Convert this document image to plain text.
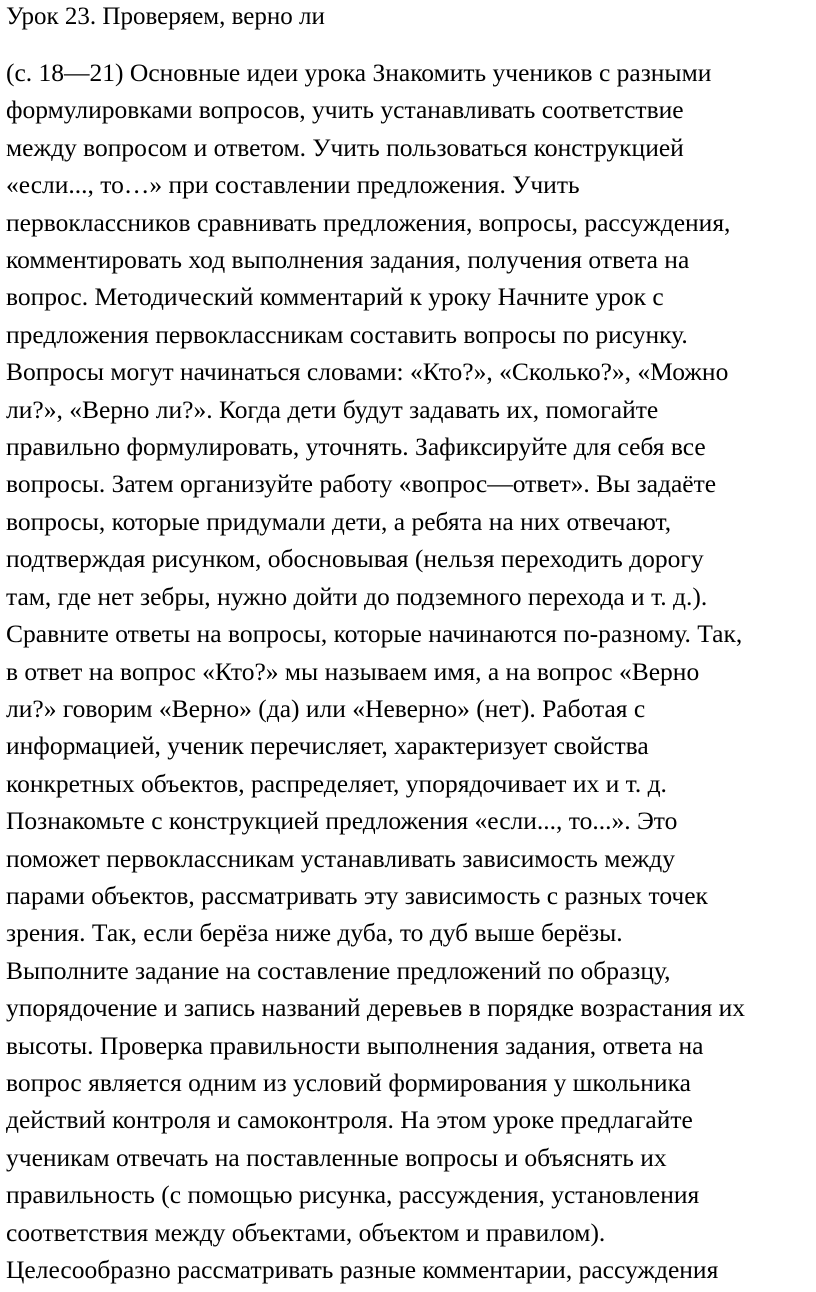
Урок 23. Проверяем, верно ли

(с. 18—21) Основные идеи урока Знакомить учеников с разными
формулировками вопросов, учить устанавливать соответствие
между вопросом и ответом. Учить пользоваться конструкцией
«если..., то…» при составлении предложения. Учить
первоклассников сравнивать предложения, вопросы, рассуждения,
комментировать ход выполнения задания, получения ответа на
вопрос. Методический комментарий к уроку Начните урок с
предложения первоклассникам составить вопросы по рисунку.
Вопросы могут начинаться словами: «Кто?», «Сколько?», «Можно
ли?», «Верно ли?». Когда дети будут задавать их, помогайте
правильно формулировать, уточнять. Зафиксируйте для себя все
вопросы. Затем организуйте работу «вопрос—ответ». Вы задаёте
вопросы, которые придумали дети, а ребята на них отвечают,
подтверждая рисунком, обосновывая (нельзя переходить дорогу
там, где нет зебры, нужно дойти до подземного перехода и т. д.).
Сравните ответы на вопросы, которые начинаются по-разному. Так,
в ответ на вопрос «Кто?» мы называем имя, а на вопрос «Верно
ли?» говорим «Верно» (да) или «Неверно» (нет). Работая с
информацией, ученик перечисляет, характеризует свойства
конкретных объектов, распределяет, упорядочивает их и т. д.
Познакомьте с конструкцией предложения «если..., то...». Это
поможет первоклассникам устанавливать зависимость между
парами объектов, рассматривать эту зависимость с разных точек
зрения. Так, если берёза ниже дуба, то дуб выше берёзы.
Выполните задание на составление предложений по образцу,
упорядочение и запись названий деревьев в порядке возрастания их
высоты. Проверка правильности выполнения задания, ответа на
вопрос является одним из условий формирования у школьника
действий контроля и самоконтроля. На этом уроке предлагайте
ученикам отвечать на поставленные вопросы и объяснять их
правильность (с помощью рисунка, рассуждения, установления
соответствия между объектами, объектом и правилом).
Целесообразно рассматривать разные комментарии, рассуждения
